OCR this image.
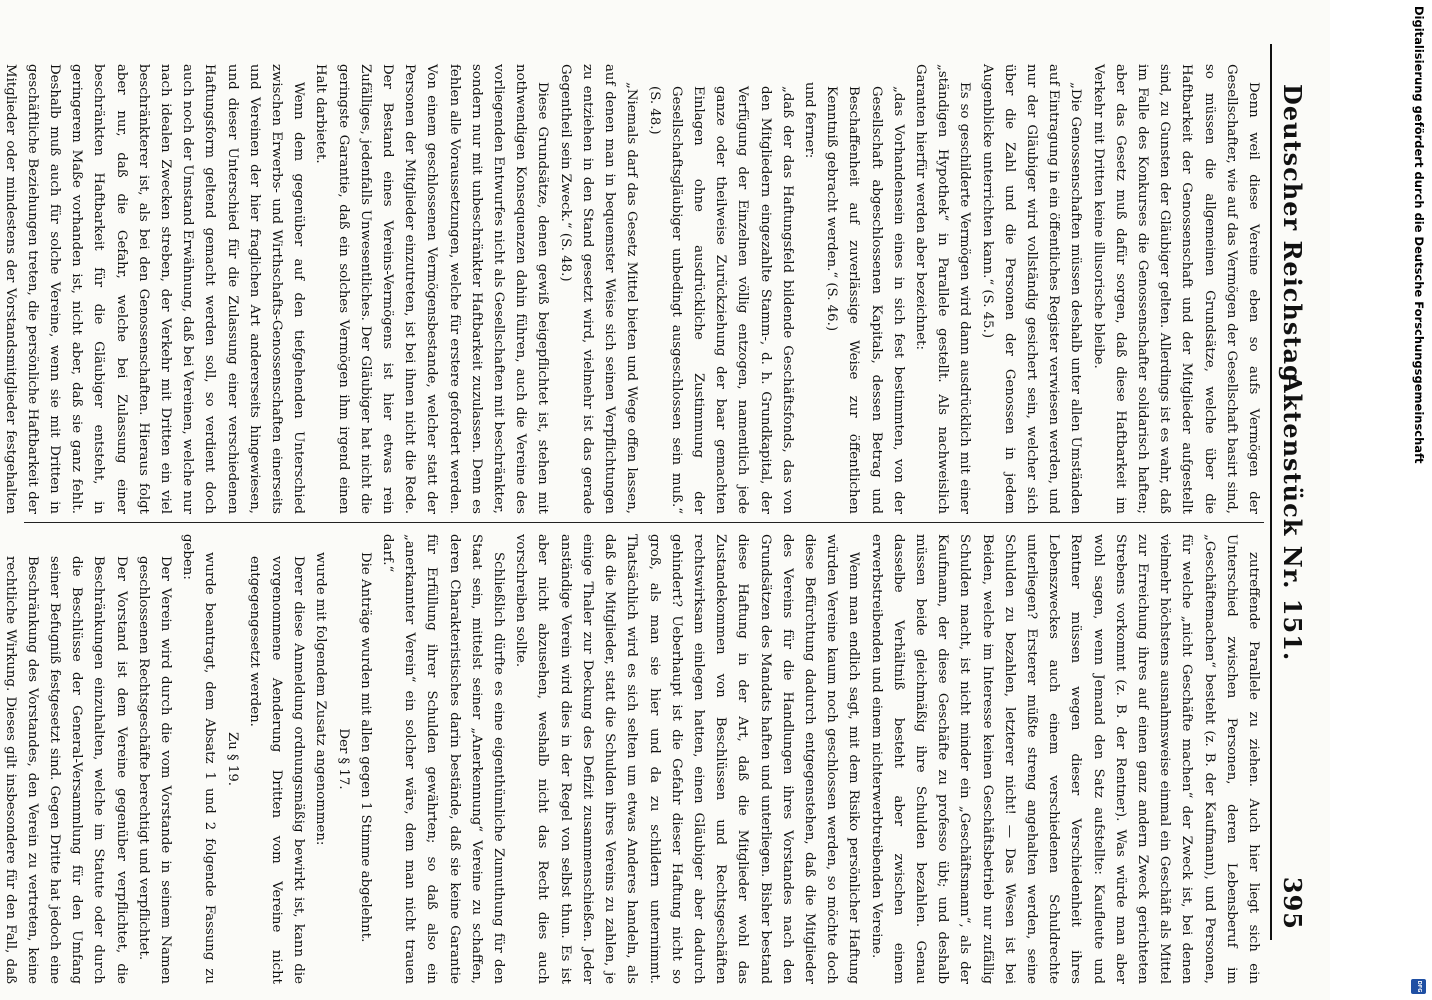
Deutscher Reichstag.
Aktenstück Nr. 151.
395

Denn weil diese Vereine eben so aufs Vermögen der Gesellschafter, wie auf das Vermögen der Gesellschaft basirt sind, so müssen die allgemeinen Grundsätze, welche über die Haftbarkeit der Genossenschaft und der Mitglieder aufgestellt sind, zu Gunsten der Gläubiger gelten. Allerdings ist es wahr, daß im Falle des Konkurses die Genossenschafter solidarisch haften; aber das Gesetz muß dafür sorgen, daß diese Haftbarkeit im Verkehr mit Dritten keine illusorische bleibe.

„Die Genossenschaften müssen deshalb unter allen Umständen auf Eintragung in ein öffentliches Register verwiesen werden, und nur der Gläubiger wird vollständig gesichert sein, welcher sich über die Zahl und die Personen der Genossen in jedem Augenblicke unterrichten kann.“ (S. 45.)

Es so geschilderte Vermögen wird dann ausdrücklich mit einer „ständigen Hypothek“ in Parallele gestellt. Als nachweislich Garanten hierfür werden aber bezeichnet:

„das Vorhandensein eines in sich fest bestimmten, von der Gesellschaft abgeschlossenen Kapitals, dessen Betrag und Beschaffenheit auf zuverlässige Weise zur öffentlichen Kenntniß gebracht werden.“ (S. 46.)

und ferner:

„daß der das Haftungsfeld bildende Geschäftsfonds, das von den Mitgliedern eingezahlte Stamm-, d. h. Grundkapital, der Verfügung der Einzelnen völlig entzogen, namentlich jede ganze oder theilweise Zurückziehung der baar gemachten Einlagen ohne ausdrückliche Zustimmung der Gesellschaftsgläubiger unbedingt ausgeschlossen sein muß.“ (S. 48.)

„Niemals darf das Gesetz Mittel bieten und Wege offen lassen, auf denen man in bequemster Weise sich seinen Verpflichtungen zu entziehen in den Stand gesetzt wird, vielmehr ist das gerade Gegentheil sein Zweck.“ (S. 48.)

Diese Grundsätze, denen gewiß beigepflichtet ist, stehen mit nothwendigen Konsequenzen dahin führen, auch die Vereine des vorliegenden Entwurfes nicht als Gesellschaften mit beschränkter, sondern nur mit unbeschränkter Haftbarkeit zuzulassen. Denn es fehlen alle Voraussetzungen, welche für erstere gefordert werden. Von einem geschlossenen Vermögensbestande, welcher statt der Personen der Mitglieder einzutreten, ist bei ihnen nicht die Rede. Der Bestand eines Vereins-Vermögens ist hier etwas rein Zufälliges, jedenfalls Unwesentliches. Der Gläubiger hat nicht die geringste Garantie, daß ein solches Vermögen ihm irgend einen Halt darbietet.

Wenn dem gegenüber auf den tiefgehenden Unterschied zwischen Erwerbs- und Wirthschafts-Genossenschaften einerseits und Vereinen der hier fraglichen Art andererseits hingewiesen, und dieser Unterschied für die Zulassung einer verschiedenen Haftungsform geltend gemacht werden soll, so verdient doch auch noch der Umstand Erwähnung, daß bei Vereinen, welche nur nach idealen Zwecken streben, der Verkehr mit Dritten ein viel beschränkterer ist, als bei den Genossenschaften. Hieraus folgt aber nur, daß die Gefahr, welche bei Zulassung einer beschränkten Haftbarkeit für die Gläubiger entsteht, in geringerem Maße vorhanden ist, nicht aber, daß sie ganz fehlt. Deshalb muß auch für solche Vereine, wenn sie mit Dritten in geschäftliche Beziehungen treten, die persönliche Haftbarkeit der Mitglieder oder mindestens der Vorstandsmitglieder festgehalten

zutreffende Parallele zu ziehen. Auch hier liegt sich ein Unterschied zwischen Personen, deren Lebensberuf im „Geschäftemachen“ besteht (z. B. der Kaufmann), und Personen, für welche „nicht Geschäfte machen“ der Zweck ist, bei denen vielmehr höchstens ausnahmsweise einmal ein Geschäft als Mittel zur Erreichung ihres auf einen ganz andern Zweck gerichteten Strebens vorkommt (z. B. der Rentner). Was würde man aber wohl sagen, wenn Jemand den Satz aufstellte: Kaufleute und Rentner müssen wegen dieser Verschiedenheit ihres Lebenszweckes auch einem verschiedenen Schuldrechte unterliegen? Ersterer müßte streng angehalten werden, seine Schulden zu bezahlen, letzterer nicht! — Das Wesen ist bei Beiden, welche im Interesse keinen Geschäftsbetrieb nur zufällig Schulden macht, ist nicht minder ein „Geschäftsmann“, als der Kaufmann, der diese Geschäfte zu professo übt; und deshalb müssen beide gleichmäßig ihre Schulden bezahlen. Genau dasselbe Verhältniß besteht aber zwischen einem erwerbstreibenden und einem nichterwerbtreibenden Vereine.

Wenn man endlich sagt, mit dem Risiko persönlicher Haftung würden Vereine kaum noch geschlossen werden, so möchte doch diese Befürchtung dadurch entgegenstehen, daß die Mitglieder des Vereins für die Handlungen ihres Vorstandes nach den Grundsätzen des Mandats haften und unterliegen. Bisher bestand diese Haftung in der Art, daß die Mitglieder wohl das Zustandekommen von Beschlüssen und Rechtsgeschäften rechtswirksam einlegen hatten, einen Gläubiger aber dadurch gehindert? Ueberhaupt ist die Gefahr dieser Haftung nicht so groß, als man sie hier und da zu schildern unternimmt. Thatsächlich wird es sich selten um etwas Anderes handeln, als daß die Mitglieder, statt die Schulden ihres Vereins zu zahlen, je einige Thaler zur Deckung des Defizit zusammenschießen. Jeder anständige Verein wird dies in der Regel von selbst thun. Es ist aber nicht abzusehen, weshalb nicht das Recht dies auch vorschreiben sollte.

Schließlich dürfte es eine eigenthümliche Zumuthung für den Staat sein, mittelst seiner „Anerkennung“ Vereine zu schaffen, deren Charakteristisches darin bestände, daß sie keine Garantie für Erfüllung ihrer Schulden gewährten; so daß also ein „anerkannter Verein“ ein solcher wäre, dem man nicht trauen darf.“

Die Anträge wurden mit allen gegen 1 Stimme abgelehnt.

Der § 17.

wurde mit folgendem Zusatz angenommen:

Derer diese Anmeldung ordnungsmäßig bewirkt ist, kann die vorgenommene Aenderung Dritten vom Vereine nicht entgegengesetzt werden.

Zu § 19.

wurde beantragt, dem Absatz 1 und 2 folgende Fassung zu geben:

Der Verein wird durch die vom Vorstande in seinem Namen geschlossenen Rechtsgeschäfte berechtigt und verpflichtet.
Der Vorstand ist dem Vereine gegenüber verpflichtet, die Beschränkungen einzuhalten, welche im Statute oder durch die Beschlüsse der General-Versammlung für den Umfang seiner Befugniß festgesetzt sind. Gegen Dritte hat jedoch eine Beschränkung des Vorstandes, den Verein zu vertreten, keine rechtliche Wirkung. Dieses gilt insbesondere für den Fall, daß

Digitalisierung gefördert durch die Deutsche Forschungsgemeinschaft
DFG
